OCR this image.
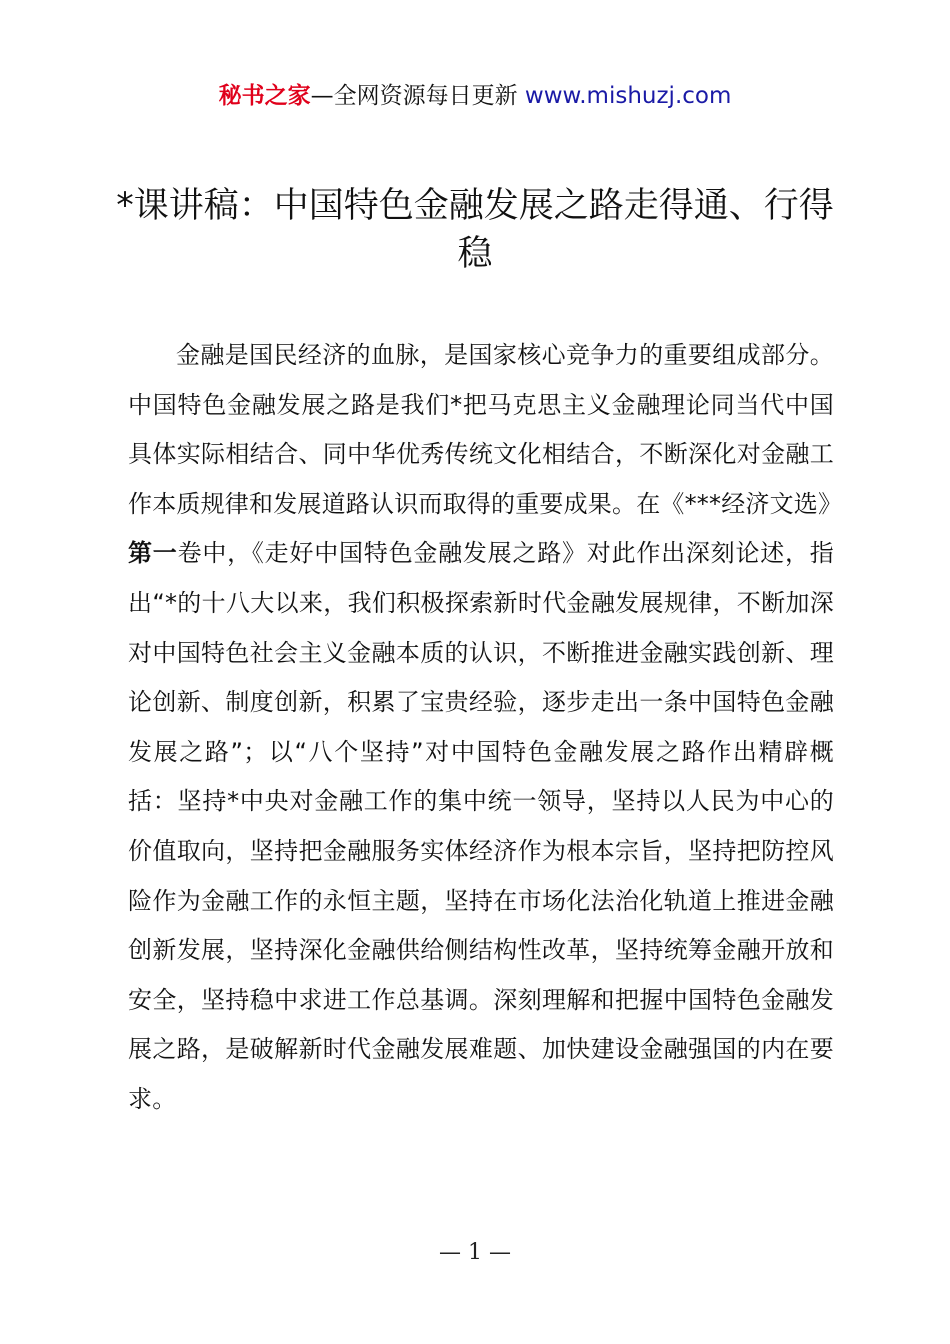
秘书之家—全网资源每日更新 www.mishuzj.com
*课讲稿：中国特色金融发展之路走得通、行得稳

金融是国民经济的血脉，是国家核心竞争力的重要组成部分。中国特色金融发展之路是我们*把马克思主义金融理论同当代中国具体实际相结合、同中华优秀传统文化相结合，不断深化对金融工作本质规律和发展道路认识而取得的重要成果。在《***经济文选》第一卷中，《走好中国特色金融发展之路》对此作出深刻论述，指出“*的十八大以来，我们积极探索新时代金融发展规律，不断加深对中国特色社会主义金融本质的认识，不断推进金融实践创新、理论创新、制度创新，积累了宝贵经验，逐步走出一条中国特色金融发展之路”；以“八个坚持”对中国特色金融发展之路作出精辟概括：坚持*中央对金融工作的集中统一领导，坚持以人民为中心的价值取向，坚持把金融服务实体经济作为根本宗旨，坚持把防控风险作为金融工作的永恒主题，坚持在市场化法治化轨道上推进金融创新发展，坚持深化金融供给侧结构性改革，坚持统筹金融开放和安全，坚持稳中求进工作总基调。深刻理解和把握中国特色金融发展之路，是破解新时代金融发展难题、加快建设金融强国的内在要求。

— 1 —
